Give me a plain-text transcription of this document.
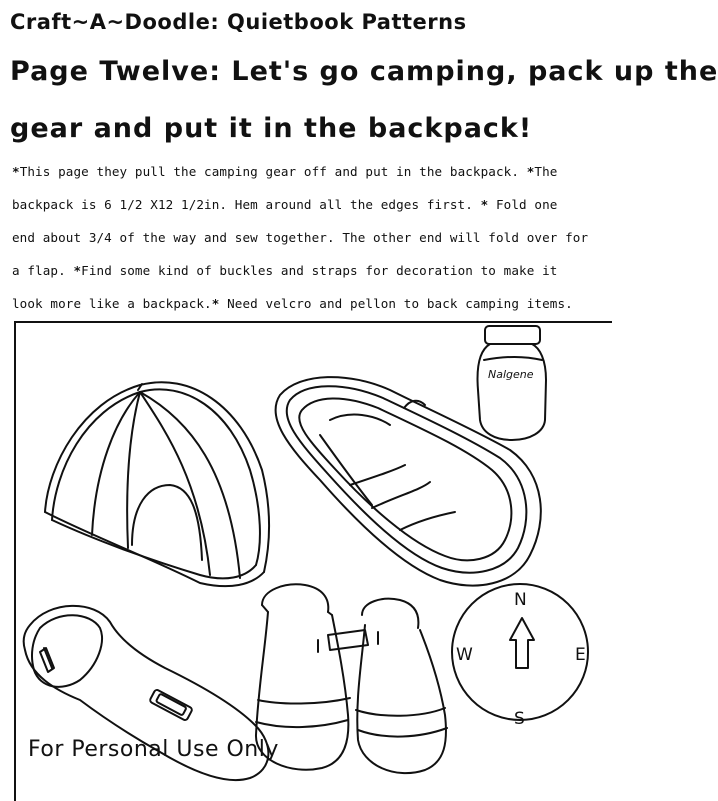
Craft~A~Doodle: Quietbook Patterns
Page Twelve: Let's go camping, pack up the
gear and put it in the backpack!
*This page they pull the camping gear off and put in the backpack. *The
backpack is 6 1/2 X12 1/2in. Hem around all the edges first. * Fold one
end about 3/4 of the way and sew together. The other end will fold over for
a flap. *Find some kind of buckles and straps for decoration to make it
look more like a backpack.* Need velcro and pellon to back camping items.
Nalgene
N
S
E
W
For Personal Use Only
